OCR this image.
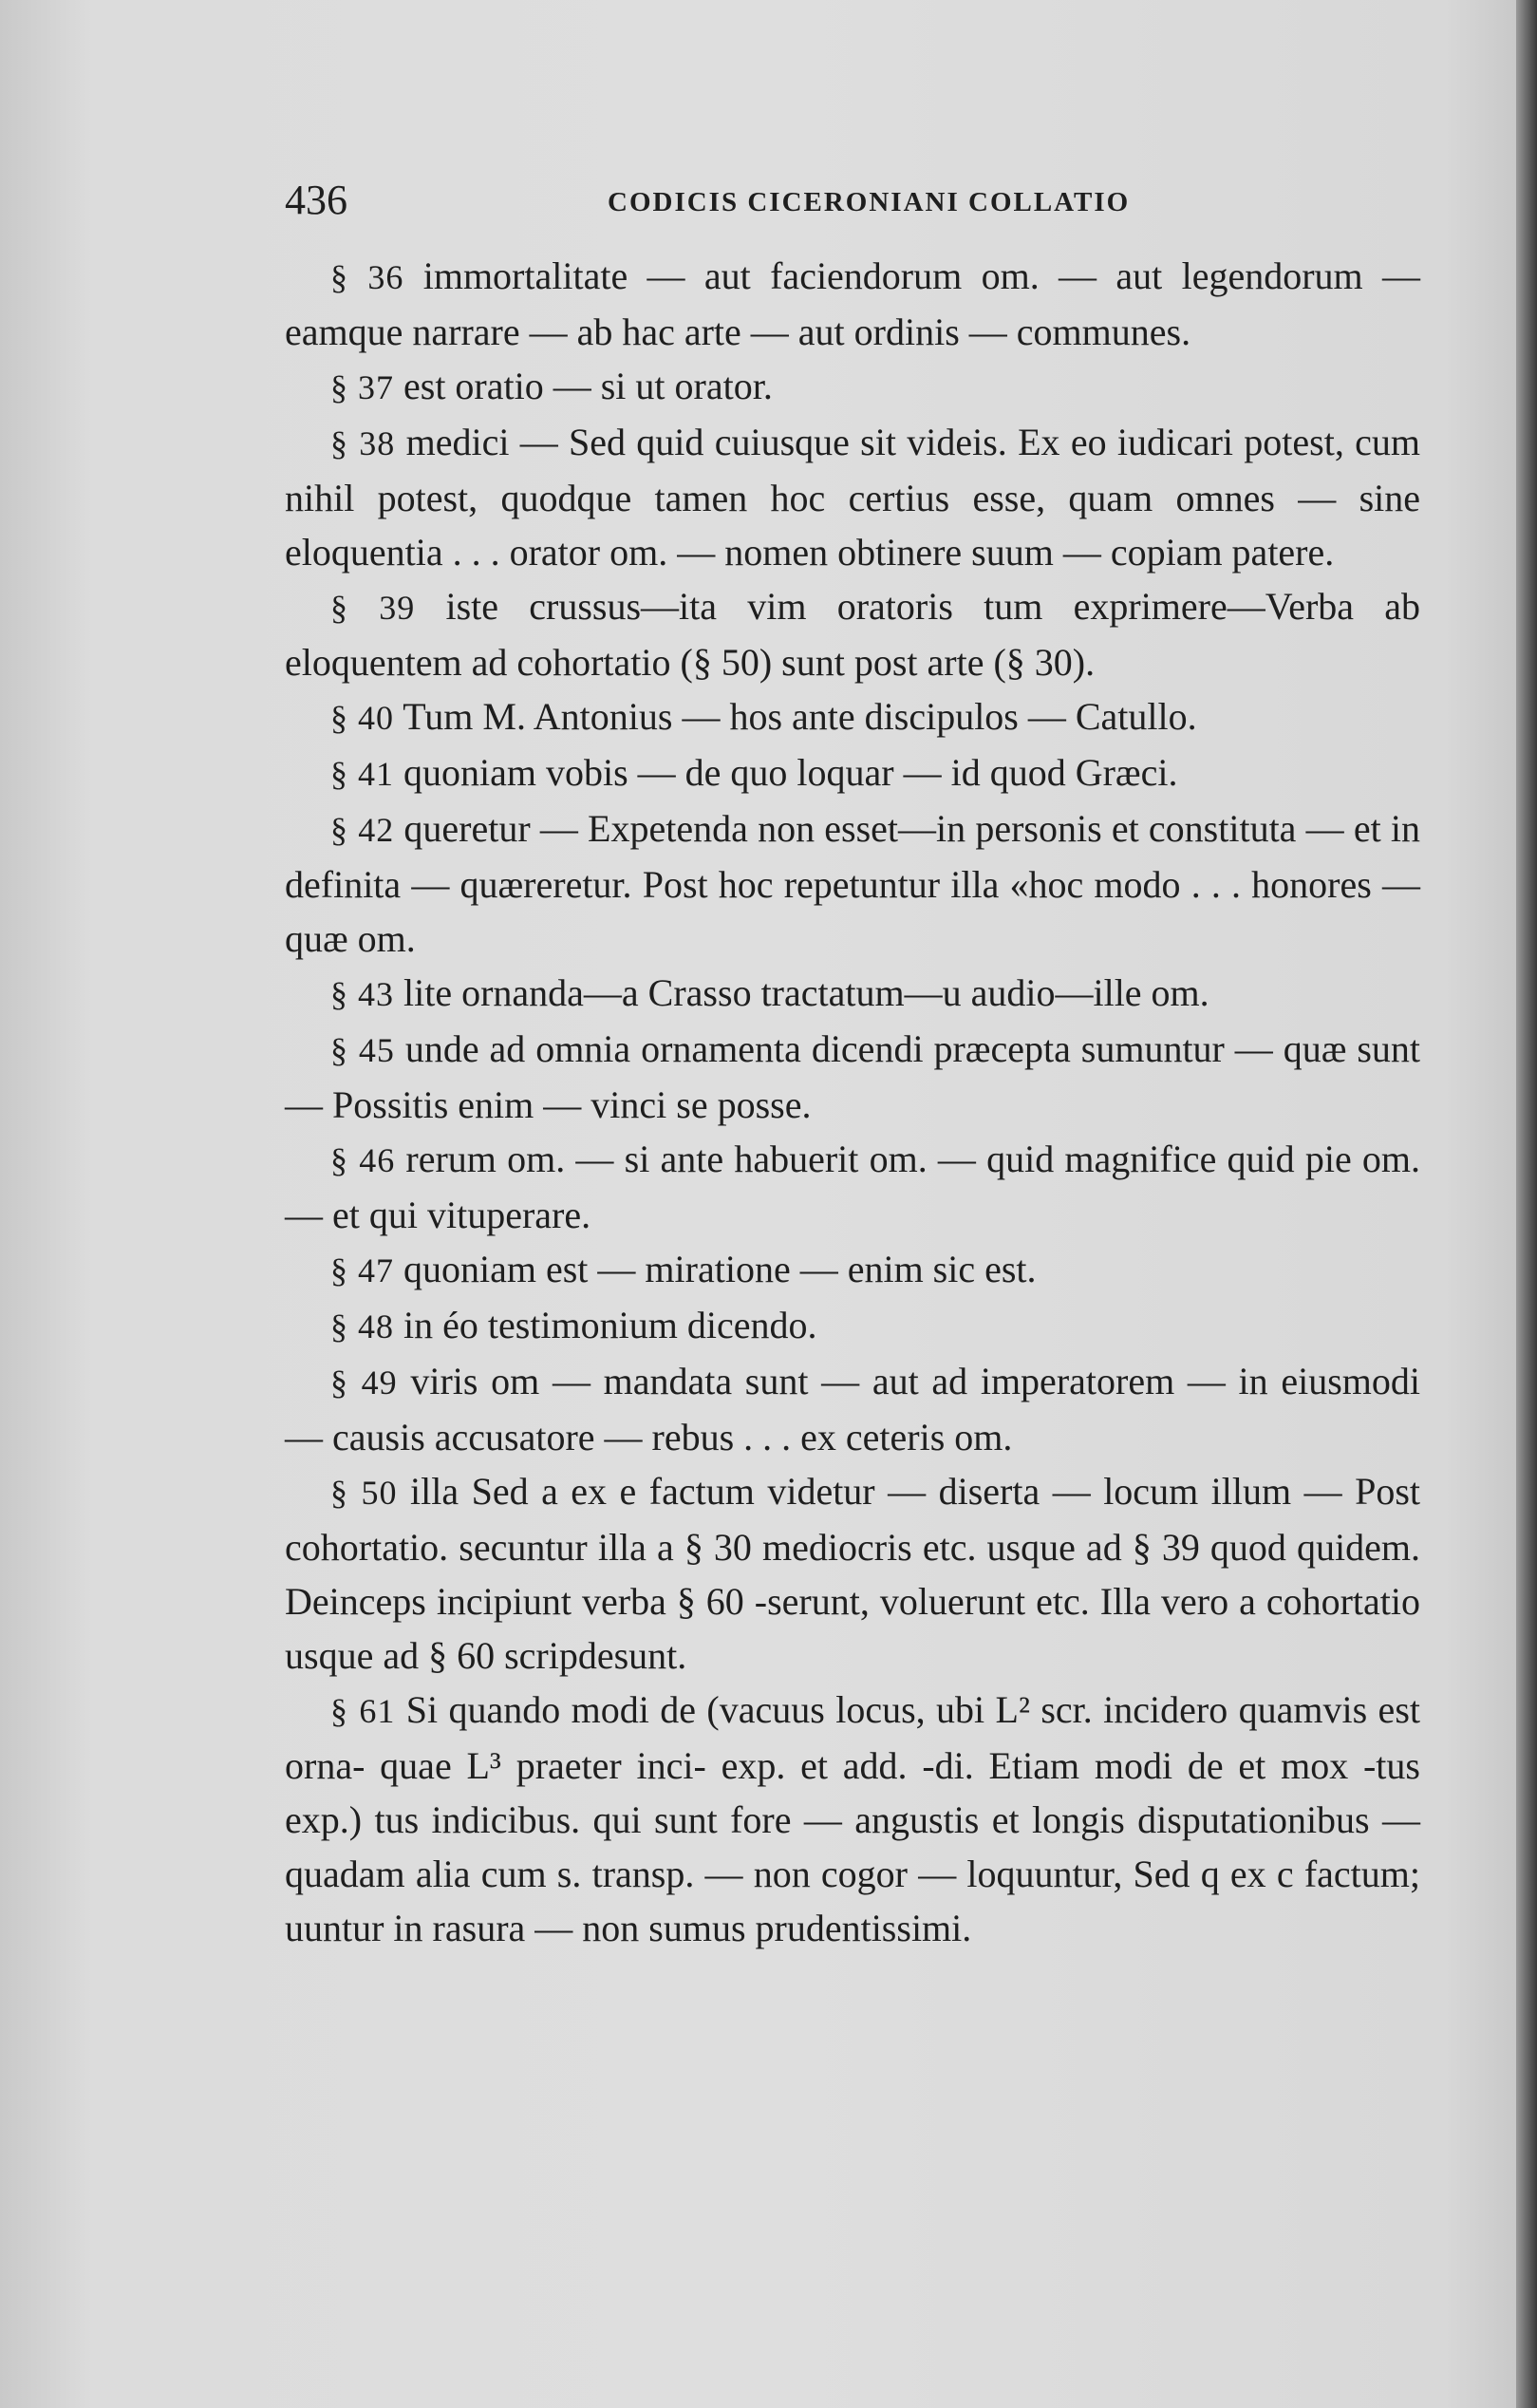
436	CODICIS CICERONIANI COLLATIO

§ 36 immortalitate — aut faciendorum om. — aut legendorum — eamque narrare — ab hac arte — aut ordinis — communes.

§ 37 est oratio — si ut orator.

§ 38 medici — Sed quid cuiusque sit videis. Ex eo iudicari potest, cum nihil potest, quodque tamen hoc certius esse, quam omnes — sine eloquentia . . . orator om. — nomen obtinere suum — copiam patere.

§ 39 iste crussus—ita vim oratoris tum exprimere—Verba ab eloquentem ad cohortatio (§ 50) sunt post arte (§ 30).

§ 40 Tum M. Antonius — hos ante discipulos — Catullo.

§ 41 quoniam vobis — de quo loquar — id quod Græci.

§ 42 queretur — Expetenda non esset—in personis et constituta — et in definita — quæreretur. Post hoc repetuntur illa «hoc modo . . . honores — quæ om.

§ 43 lite ornanda—a Crasso tractatum—u audio—ille om.

§ 45 unde ad omnia ornamenta dicendi præcepta sumuntur — quæ sunt — Possitis enim — vinci se posse.

§ 46 rerum om. — si ante habuerit om. — quid magnifice quid pie om. — et qui vituperare.

§ 47 quoniam est — miratione — enim sic est.

§ 48 in éo testimonium dicendo.

§ 49 viris om — mandata sunt — aut ad imperatorem — in eiusmodi — causis accusatore — rebus . . . ex ceteris om.

§ 50 illa Sed a ex e factum videtur — diserta — locum illum — Post cohortatio. secuntur illa a § 30 mediocris etc. usque ad § 39 quod quidem. Deinceps incipiunt verba § 60 -serunt, voluerunt etc. Illa vero a cohortatio usque ad § 60 scripdesunt.

§ 61 Si quando modi de (vacuus locus, ubi L² scr. incidero quamvis est orna- quae L³ praeter inci- exp. et add. -di. Etiam modi de et mox -tus exp.) tus indicibus. qui sunt fore — angustis et longis disputationibus — quadam alia cum s. transp. — non cogor — loquuntur, Sed q ex c factum; uuntur in rasura — non sumus prudentissimi.
